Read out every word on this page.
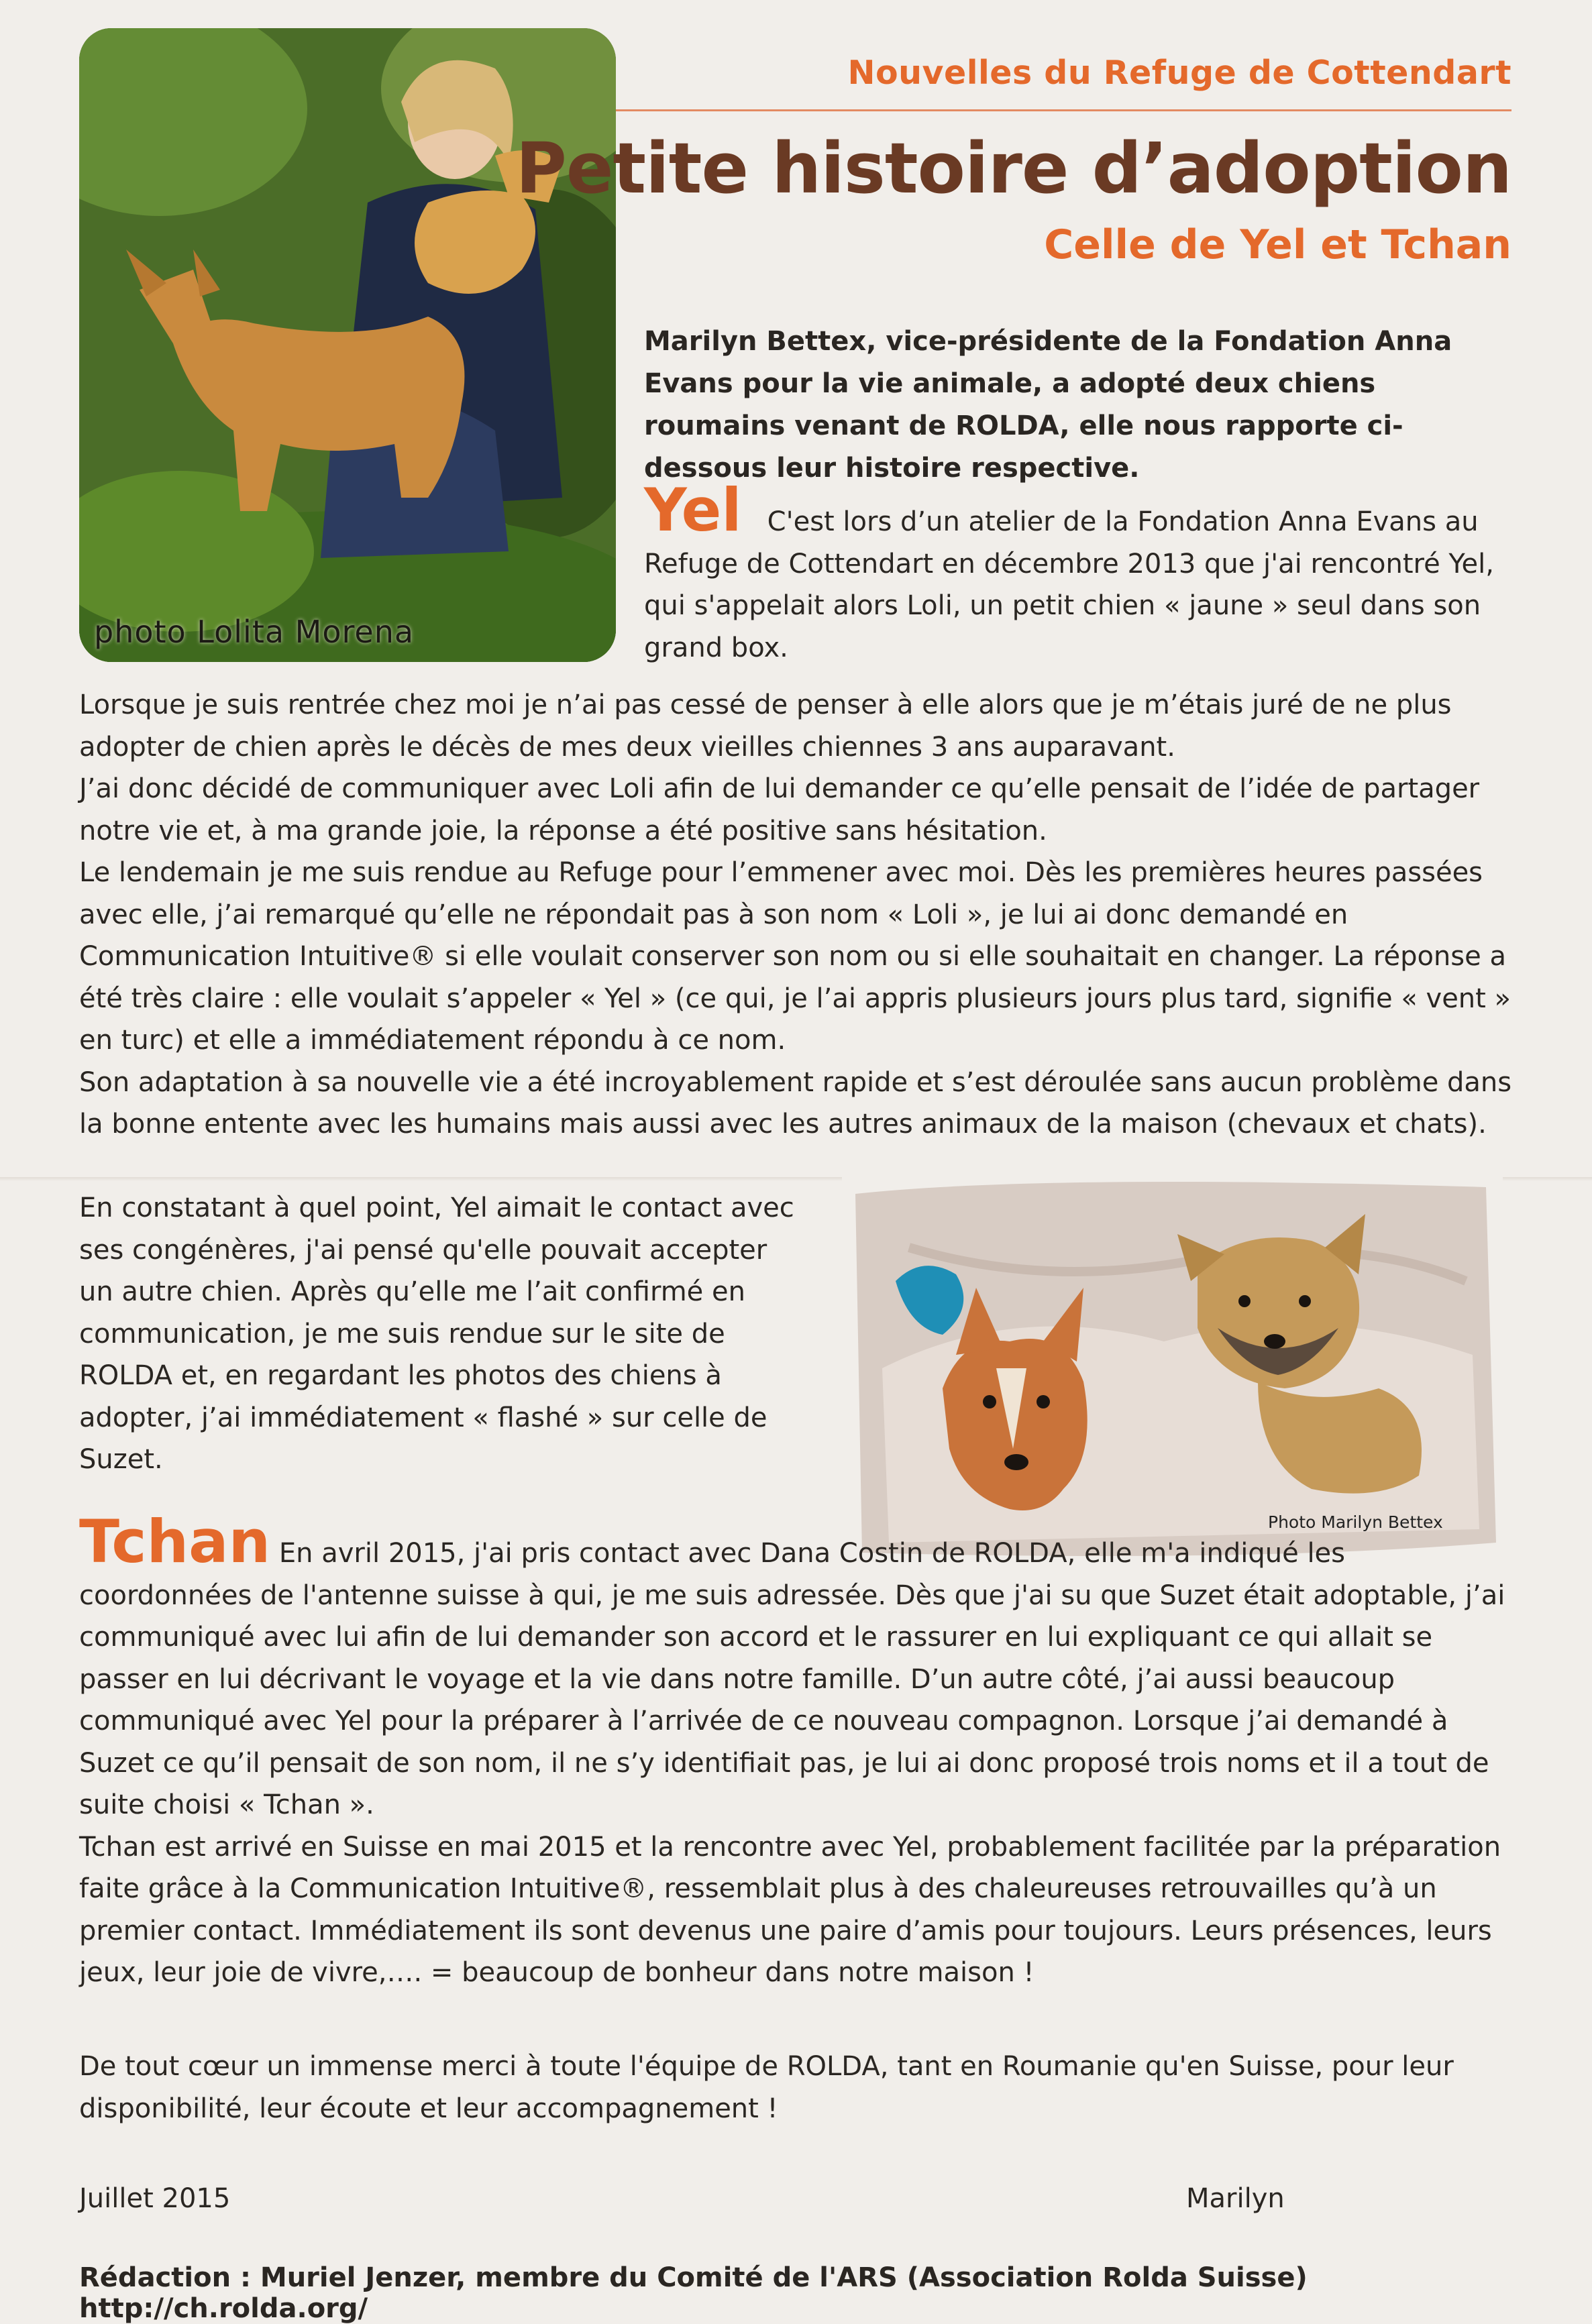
photo Lolita Morena
Nouvelles du Refuge de Cottendart
Petite histoire d’adoption
Celle de Yel et Tchan

Marilyn Bettex, vice-présidente de la Fondation Anna Evans pour la vie animale, a adopté deux chiens roumains venant de ROLDA, elle nous rapporte ci-dessous leur histoire respective.

Yel C'est lors d’un atelier de la Fondation Anna Evans au Refuge de Cottendart en décembre 2013 que j'ai rencontré Yel, qui s'appelait alors Loli, un petit chien « jaune » seul dans son grand box.

Lorsque je suis rentrée chez moi je n’ai pas cessé de penser à elle alors que je m’étais juré de ne plus adopter de chien après le décès de mes deux vieilles chiennes 3 ans auparavant.

J’ai donc décidé de communiquer avec Loli afin de lui demander ce qu’elle pensait de l’idée de partager notre vie et, à ma grande joie, la réponse a été positive sans hésitation.

Le lendemain je me suis rendue au Refuge pour l’emmener avec moi. Dès les premières heures passées avec elle, j’ai remarqué qu’elle ne répondait pas à son nom « Loli », je lui ai donc demandé en Communication Intuitive® si elle voulait conserver son nom ou si elle souhaitait en changer. La réponse a été très claire : elle voulait s’appeler « Yel » (ce qui, je l’ai appris plusieurs jours plus tard, signifie « vent » en turc) et elle a immédiatement répondu à ce nom.

Son adaptation à sa nouvelle vie a été incroyablement rapide et s’est déroulée sans aucun problème dans la bonne entente avec les humains mais aussi avec les autres animaux de la maison (chevaux et chats).

En constatant à quel point, Yel aimait le contact avec ses congénères, j'ai pensé qu'elle pouvait accepter un autre chien. Après qu’elle me l’ait confirmé en communication, je me suis rendue sur le site de ROLDA et, en regardant les photos des chiens à adopter, j’ai immédiatement « flashé » sur celle de Suzet.

Photo Marilyn Bettex

Tchan En avril 2015, j'ai pris contact avec Dana Costin de ROLDA, elle m'a indiqué les coordonnées de l'antenne suisse à qui, je me suis adressée. Dès que j'ai su que Suzet était adoptable, j’ai communiqué avec lui afin de lui demander son accord et le rassurer en lui expliquant ce qui allait se passer en lui décrivant le voyage et la vie dans notre famille. D’un autre côté, j’ai aussi beaucoup communiqué avec Yel pour la préparer à l’arrivée de ce nouveau compagnon. Lorsque j’ai demandé à Suzet ce qu’il pensait de son nom, il ne s’y identifiait pas, je lui ai donc proposé trois noms et il a tout de suite choisi « Tchan ».

Tchan est arrivé en Suisse en mai 2015 et la rencontre avec Yel, probablement facilitée par la préparation faite grâce à la Communication Intuitive®, ressemblait plus à des chaleureuses retrouvailles qu’à un premier contact. Immédiatement ils sont devenus une paire d’amis pour toujours. Leurs présences, leurs jeux, leur joie de vivre,…. = beaucoup de bonheur dans notre maison !

De tout cœur un immense merci à toute l'équipe de ROLDA, tant en Roumanie qu'en Suisse, pour leur disponibilité, leur écoute et leur accompagnement !

Juillet 2015	Marilyn
Rédaction : Muriel Jenzer, membre du Comité de l'ARS (Association Rolda Suisse) http://ch.rolda.org/
